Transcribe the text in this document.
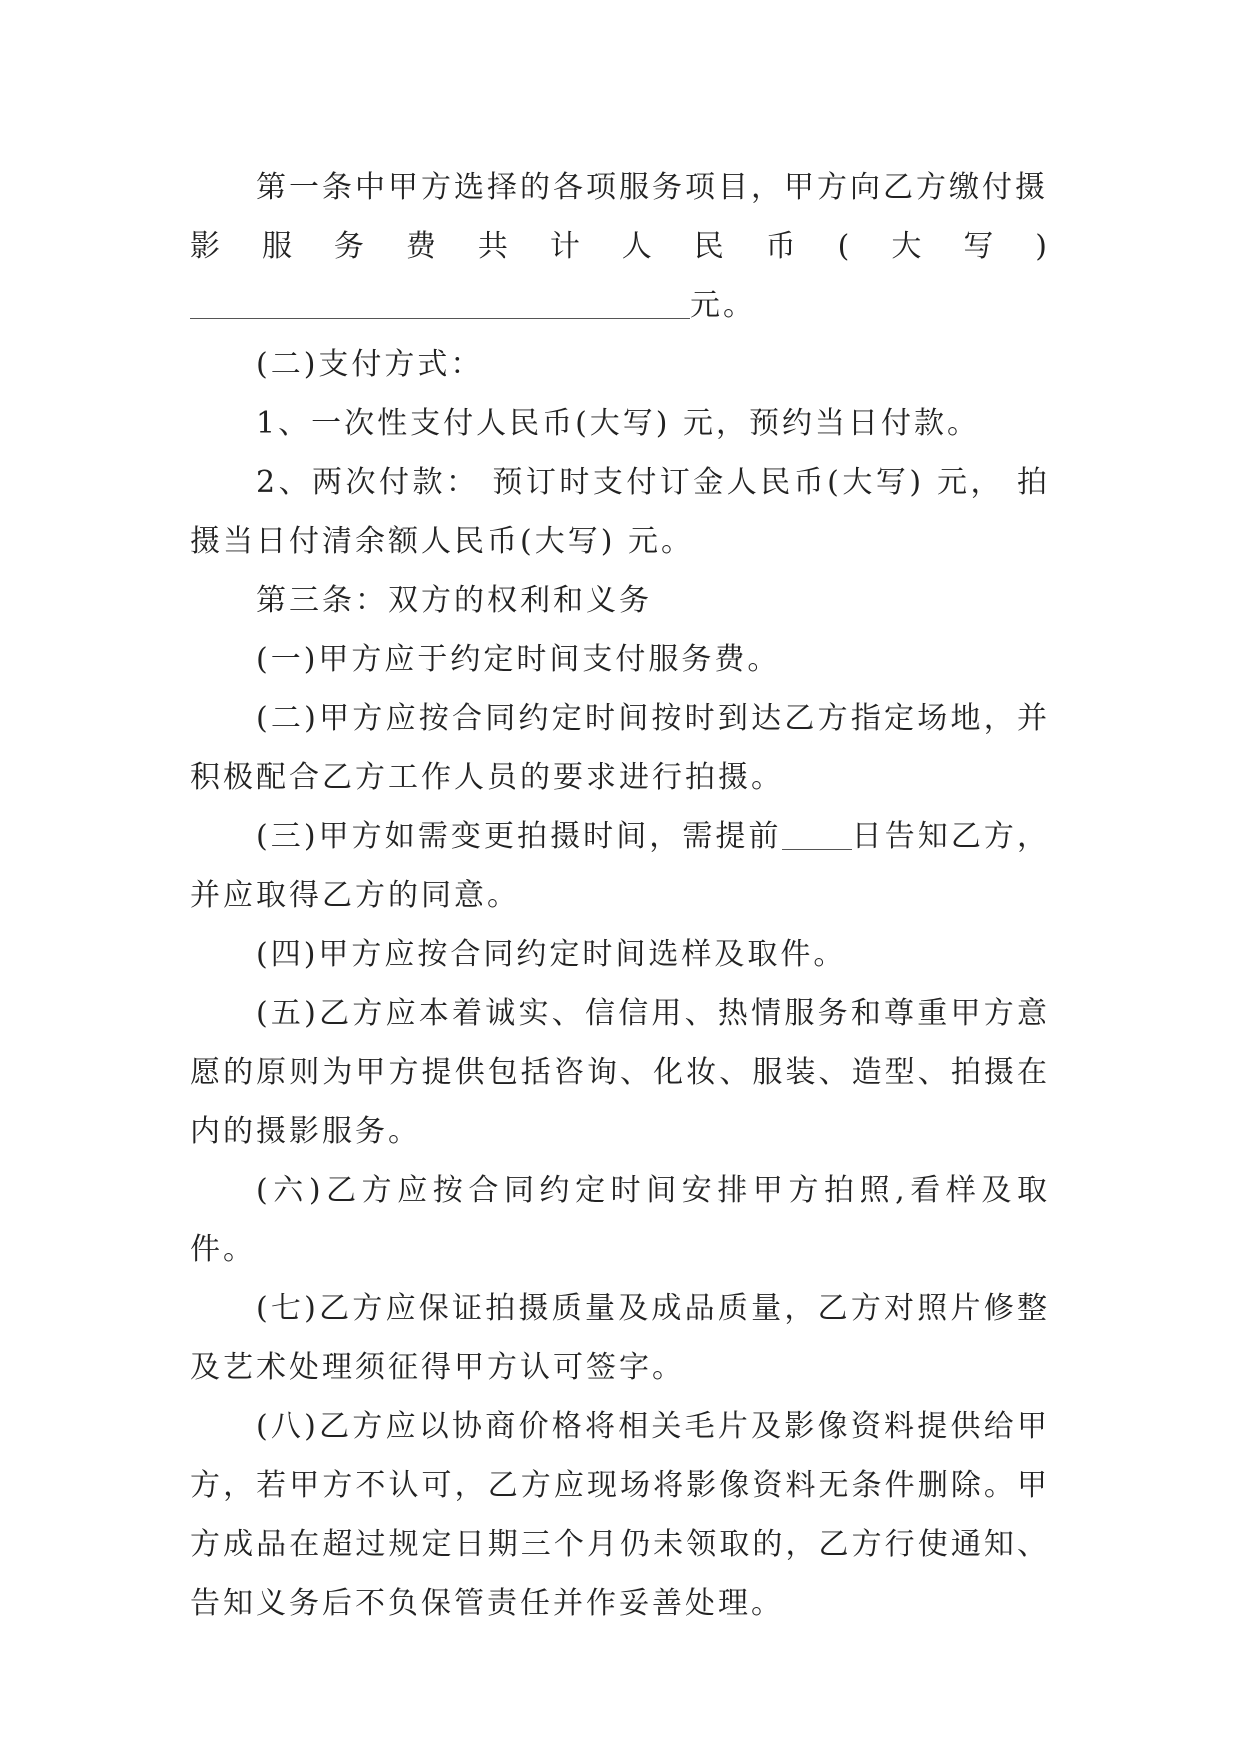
第一条中甲方选择的各项服务项目，甲方向乙方缴付摄

影服务费共计人民币(大写)

元。

(二)支付方式：

1、一次性支付人民币(大写) 元，预约当日付款。

2、两次付款： 预订时支付订金人民币(大写) 元， 拍摄当日付清余额人民币(大写) 元。

第三条：双方的权利和义务

(一)甲方应于约定时间支付服务费。

(二)甲方应按合同约定时间按时到达乙方指定场地，并积极配合乙方工作人员的要求进行拍摄。

(三)甲方如需变更拍摄时间，需提前 日告知乙方，并应取得乙方的同意。

(四)甲方应按合同约定时间选样及取件。

(五)乙方应本着诚实、信信用、热情服务和尊重甲方意愿的原则为甲方提供包括咨询、化妆、服装、造型、拍摄在内的摄影服务。

(六)乙方应按合同约定时间安排甲方拍照,看样及取件。

(七)乙方应保证拍摄质量及成品质量，乙方对照片修整及艺术处理须征得甲方认可签字。

(八)乙方应以协商价格将相关毛片及影像资料提供给甲方，若甲方不认可，乙方应现场将影像资料无条件删除。甲方成品在超过规定日期三个月仍未领取的，乙方行使通知、告知义务后不负保管责任并作妥善处理。
